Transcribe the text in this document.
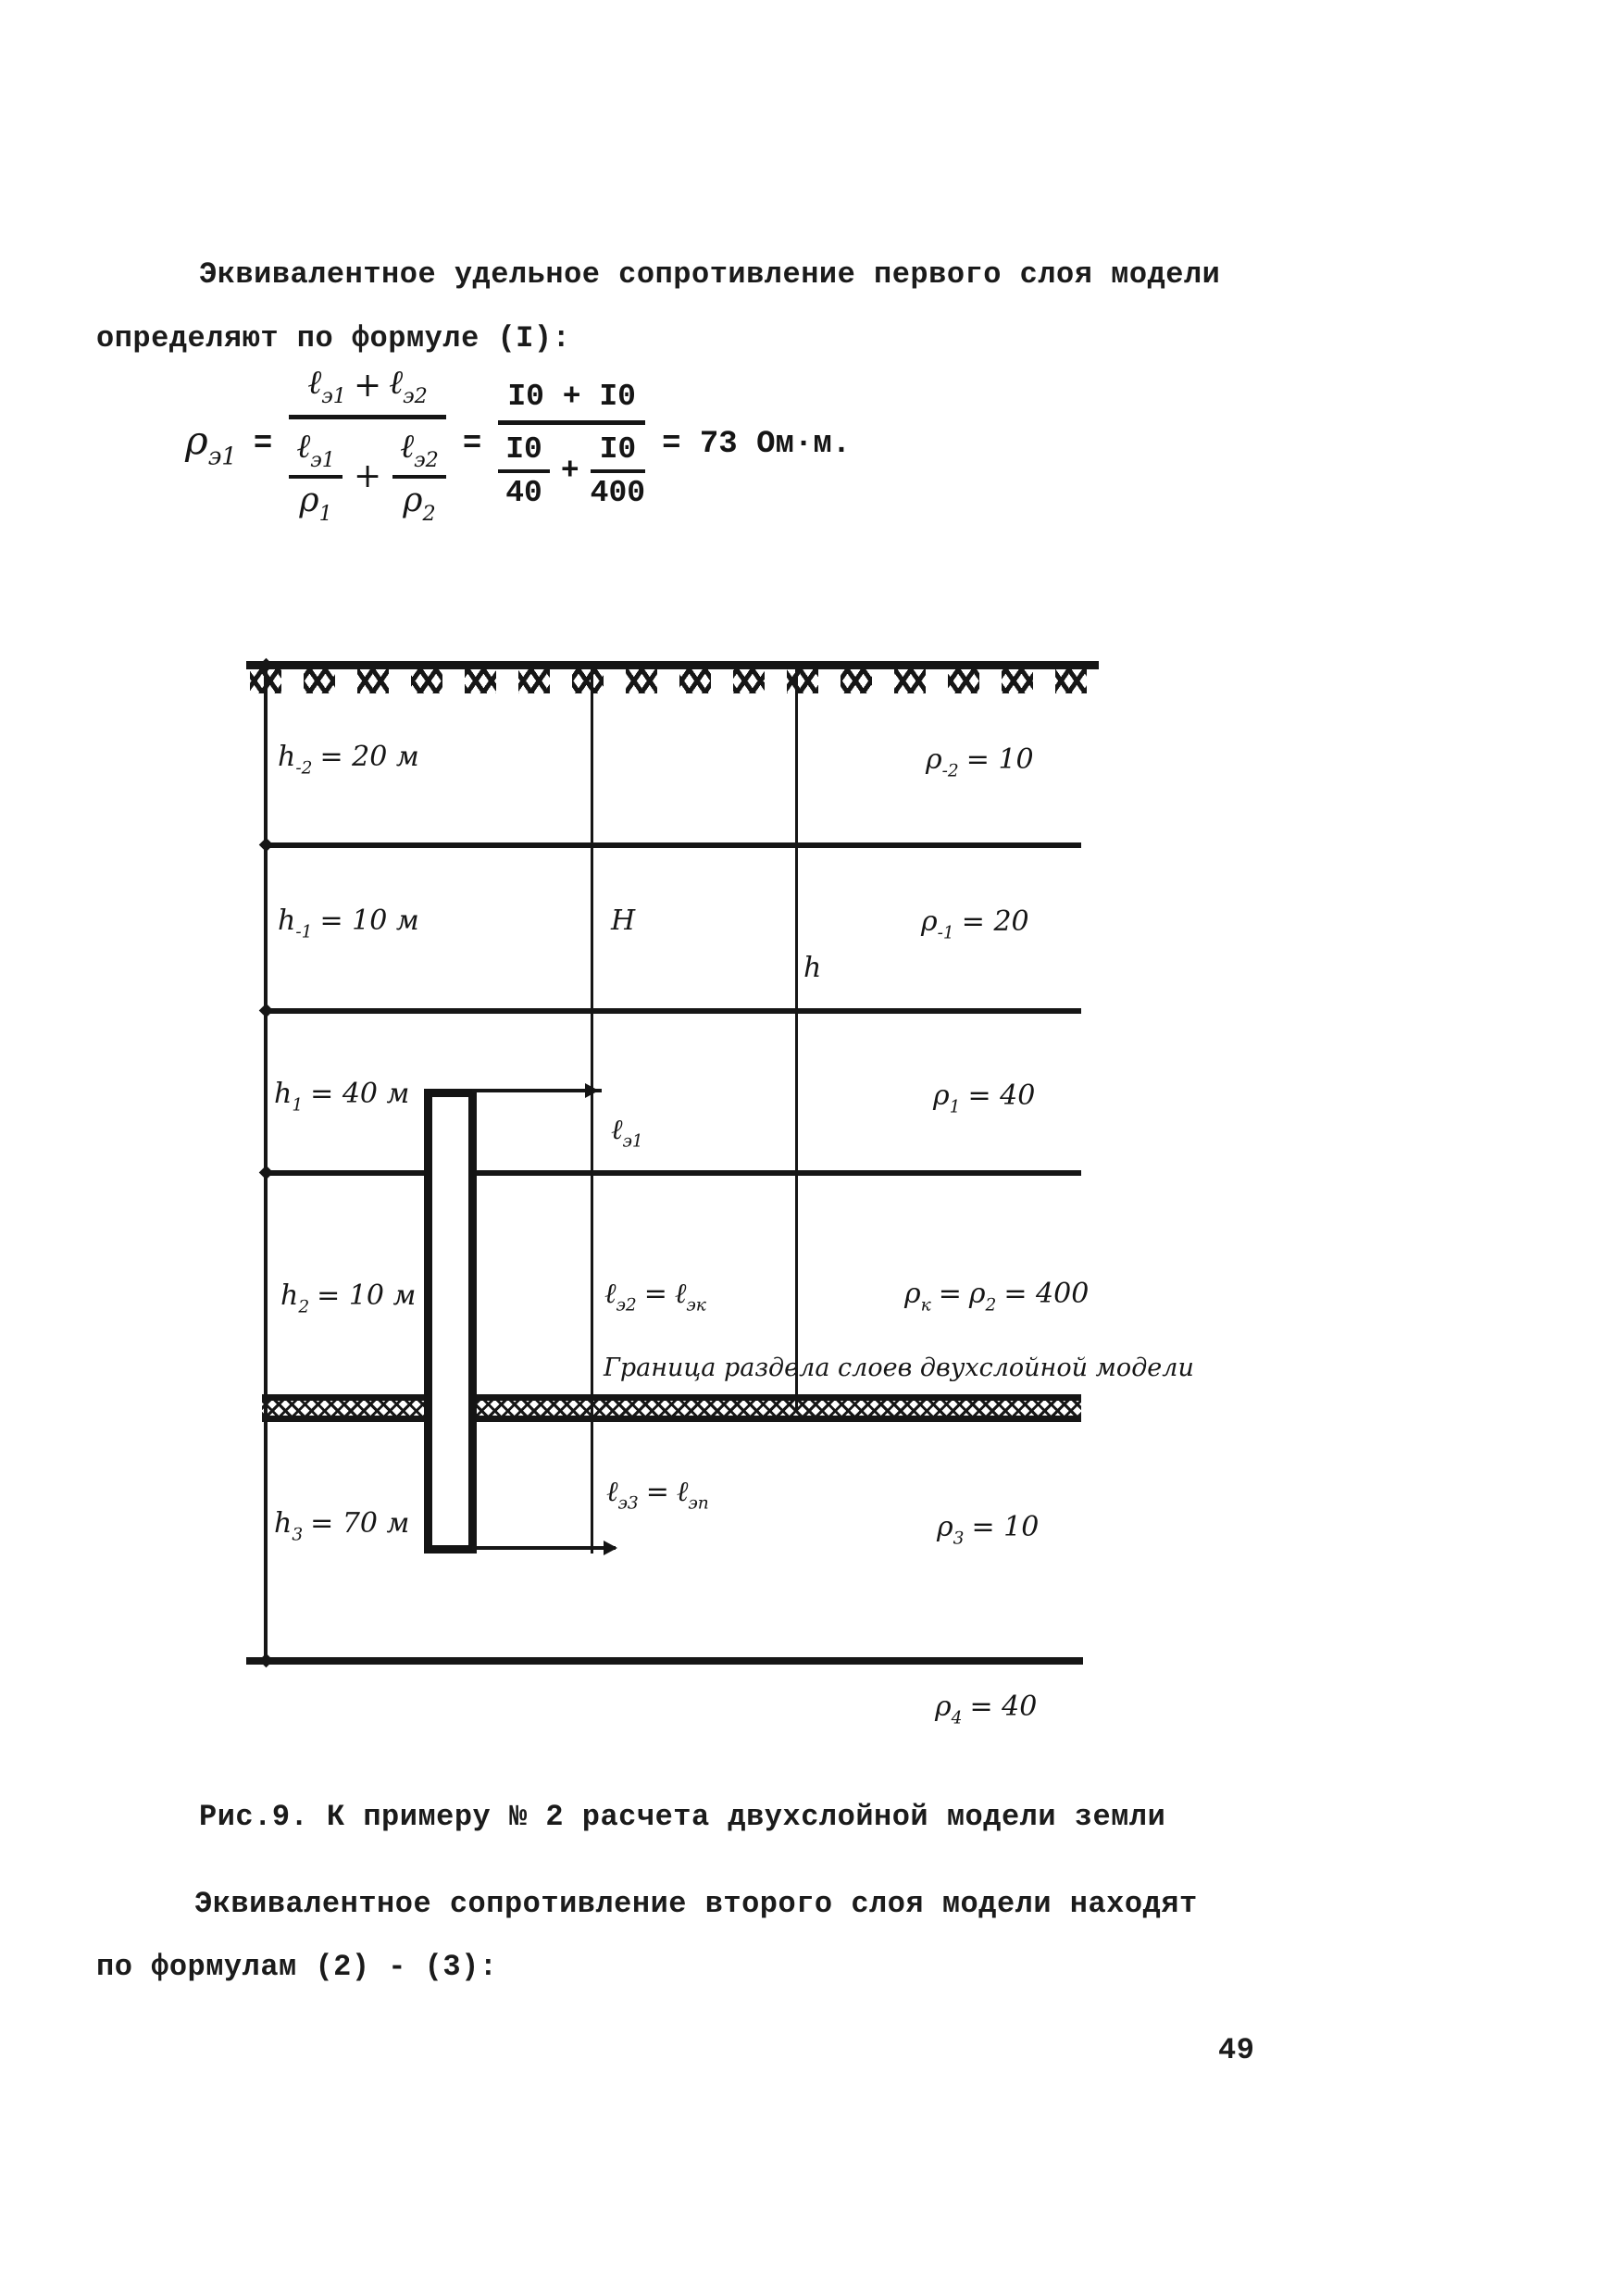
Эквивалентное удельное сопротивление первого слоя модели
определяют по формуле (I):
$\rho_{э1}$ =
ℓ$_{э1}$ + ℓ$_{э2}$
ℓ$_{э1}$
$\rho_1$
+
ℓ$_{э2}$
$\rho_2$
=
I0 + I0
I0
40
+
I0
400
= 73 Ом·м.
$h_{-2} = 20$ м	$\rho_{-2} = 10$
$h_{-1} = 10$ м	H	$\rho_{-1} = 20$
h
$h_1 = 40$ м
ℓ$_{э1}$
$\rho_1 = 40$
$h_2 = 10$ м	ℓ$_{э2}$ = ℓ$_{эк}$	$\rho_к = \rho_2 = 400$
Граница раздела слоев двухслойной модели
$h_3 = 70$ м
ℓ$_{э3}$ = ℓ$_{эп}$
$\rho_3 = 10$
$\rho_4 = 40$
Рис.9. К примеру № 2 расчета двухслойной модели земли
Эквивалентное сопротивление второго слоя модели находят
по формулам (2) - (3):
49
